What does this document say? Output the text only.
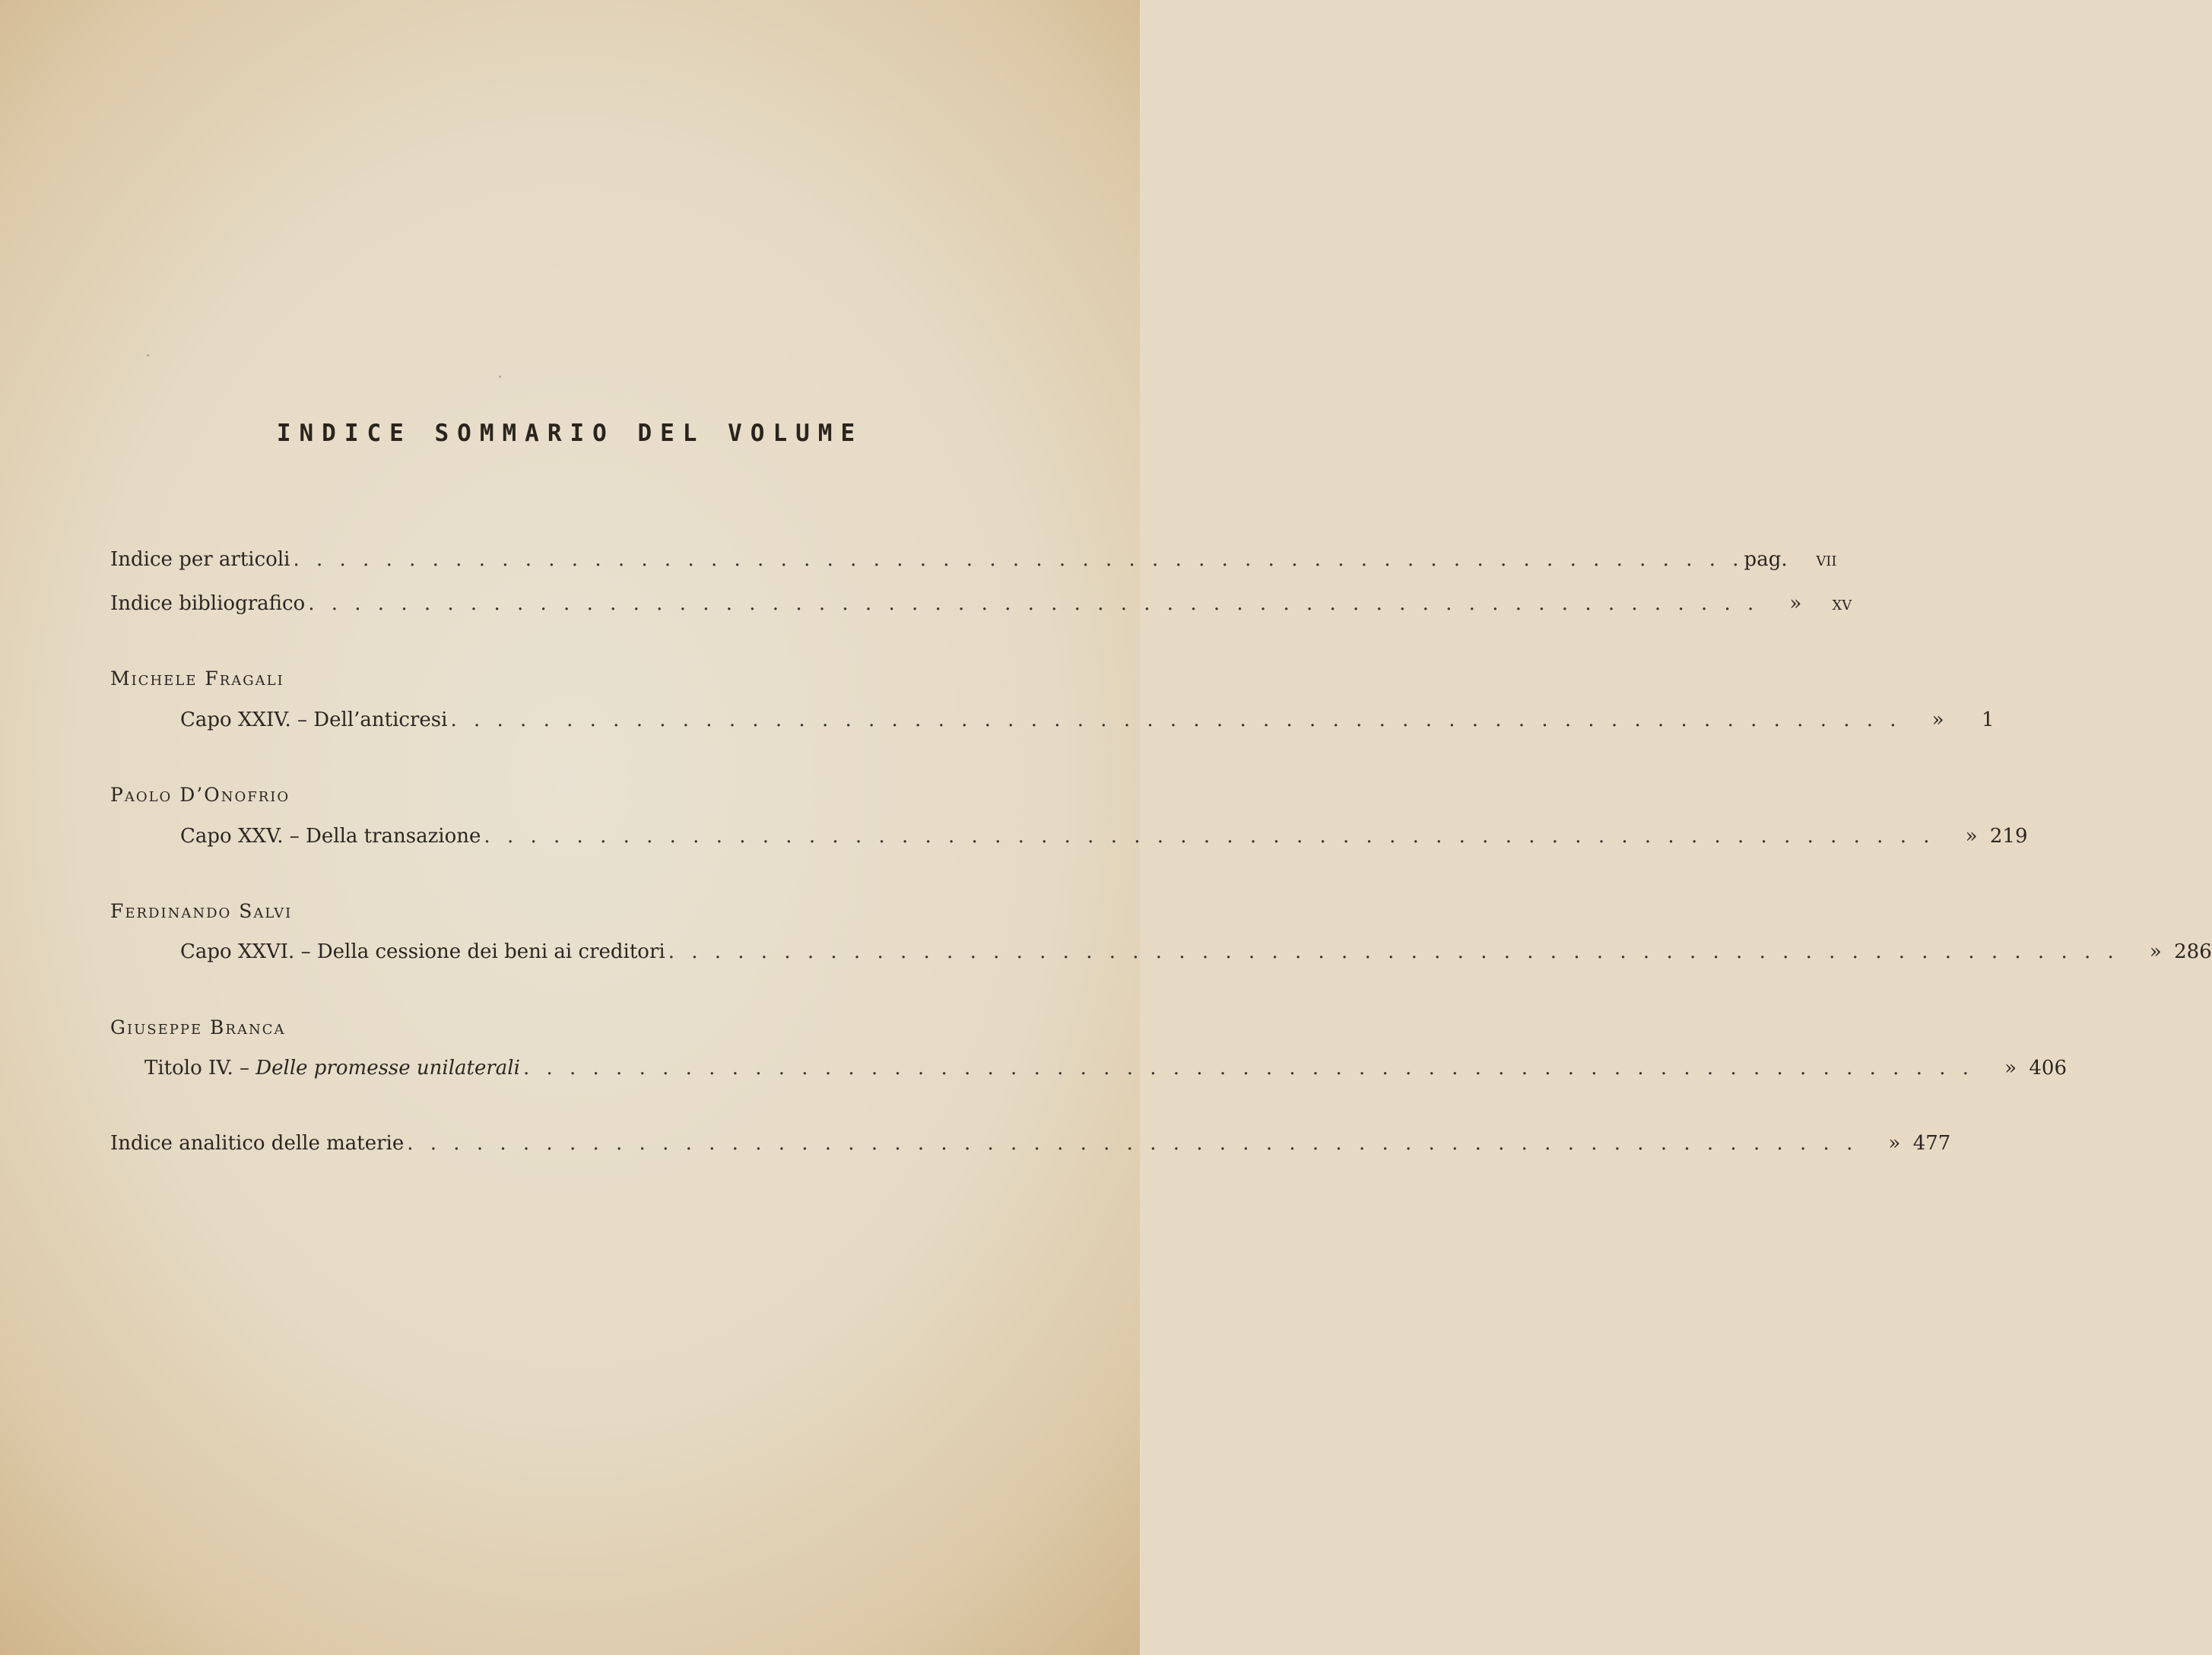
INDICE SOMMARIO DEL VOLUME
Indice per articoli . . . . . . . . . . . . . . . . . . . . . . . . . . . . . . . . . . . . . . . . . . . . . . . . . . . . . . . . . . . . . . . pag.	vii
Indice bibliografico . . . . . . . . . . . . . . . . . . . . . . . . . . . . . . . . . . . . . . . . . . . . . . . . . . . . . . . . . . . . . . .	»	xv
Michele Fragali
Capo XXIV. – Dell’anticresi . . . . . . . . . . . . . . . . . . . . . . . . . . . . . . . . . . . . . . . . . . . . . . . . . . . . . . . . . . . . . . .	»	1
Paolo D’Onofrio
Capo XXV. – Della transazione . . . . . . . . . . . . . . . . . . . . . . . . . . . . . . . . . . . . . . . . . . . . . . . . . . . . . . . . . . . . . . .	» 219
Ferdinando Salvi
Capo XXVI. – Della cessione dei beni ai creditori . . . . . . . . . . . . . . . . . . . . . . . . . . . . . . . . . . . . . . . . . . . . . . . . . . . . . . . . . . . . . . .	» 286
Giuseppe Branca
Titolo IV. – Delle promesse unilaterali . . . . . . . . . . . . . . . . . . . . . . . . . . . . . . . . . . . . . . . . . . . . . . . . . . . . . . . . . . . . . . .	» 406
Indice analitico delle materie . . . . . . . . . . . . . . . . . . . . . . . . . . . . . . . . . . . . . . . . . . . . . . . . . . . . . . . . . . . . . . .	» 477
